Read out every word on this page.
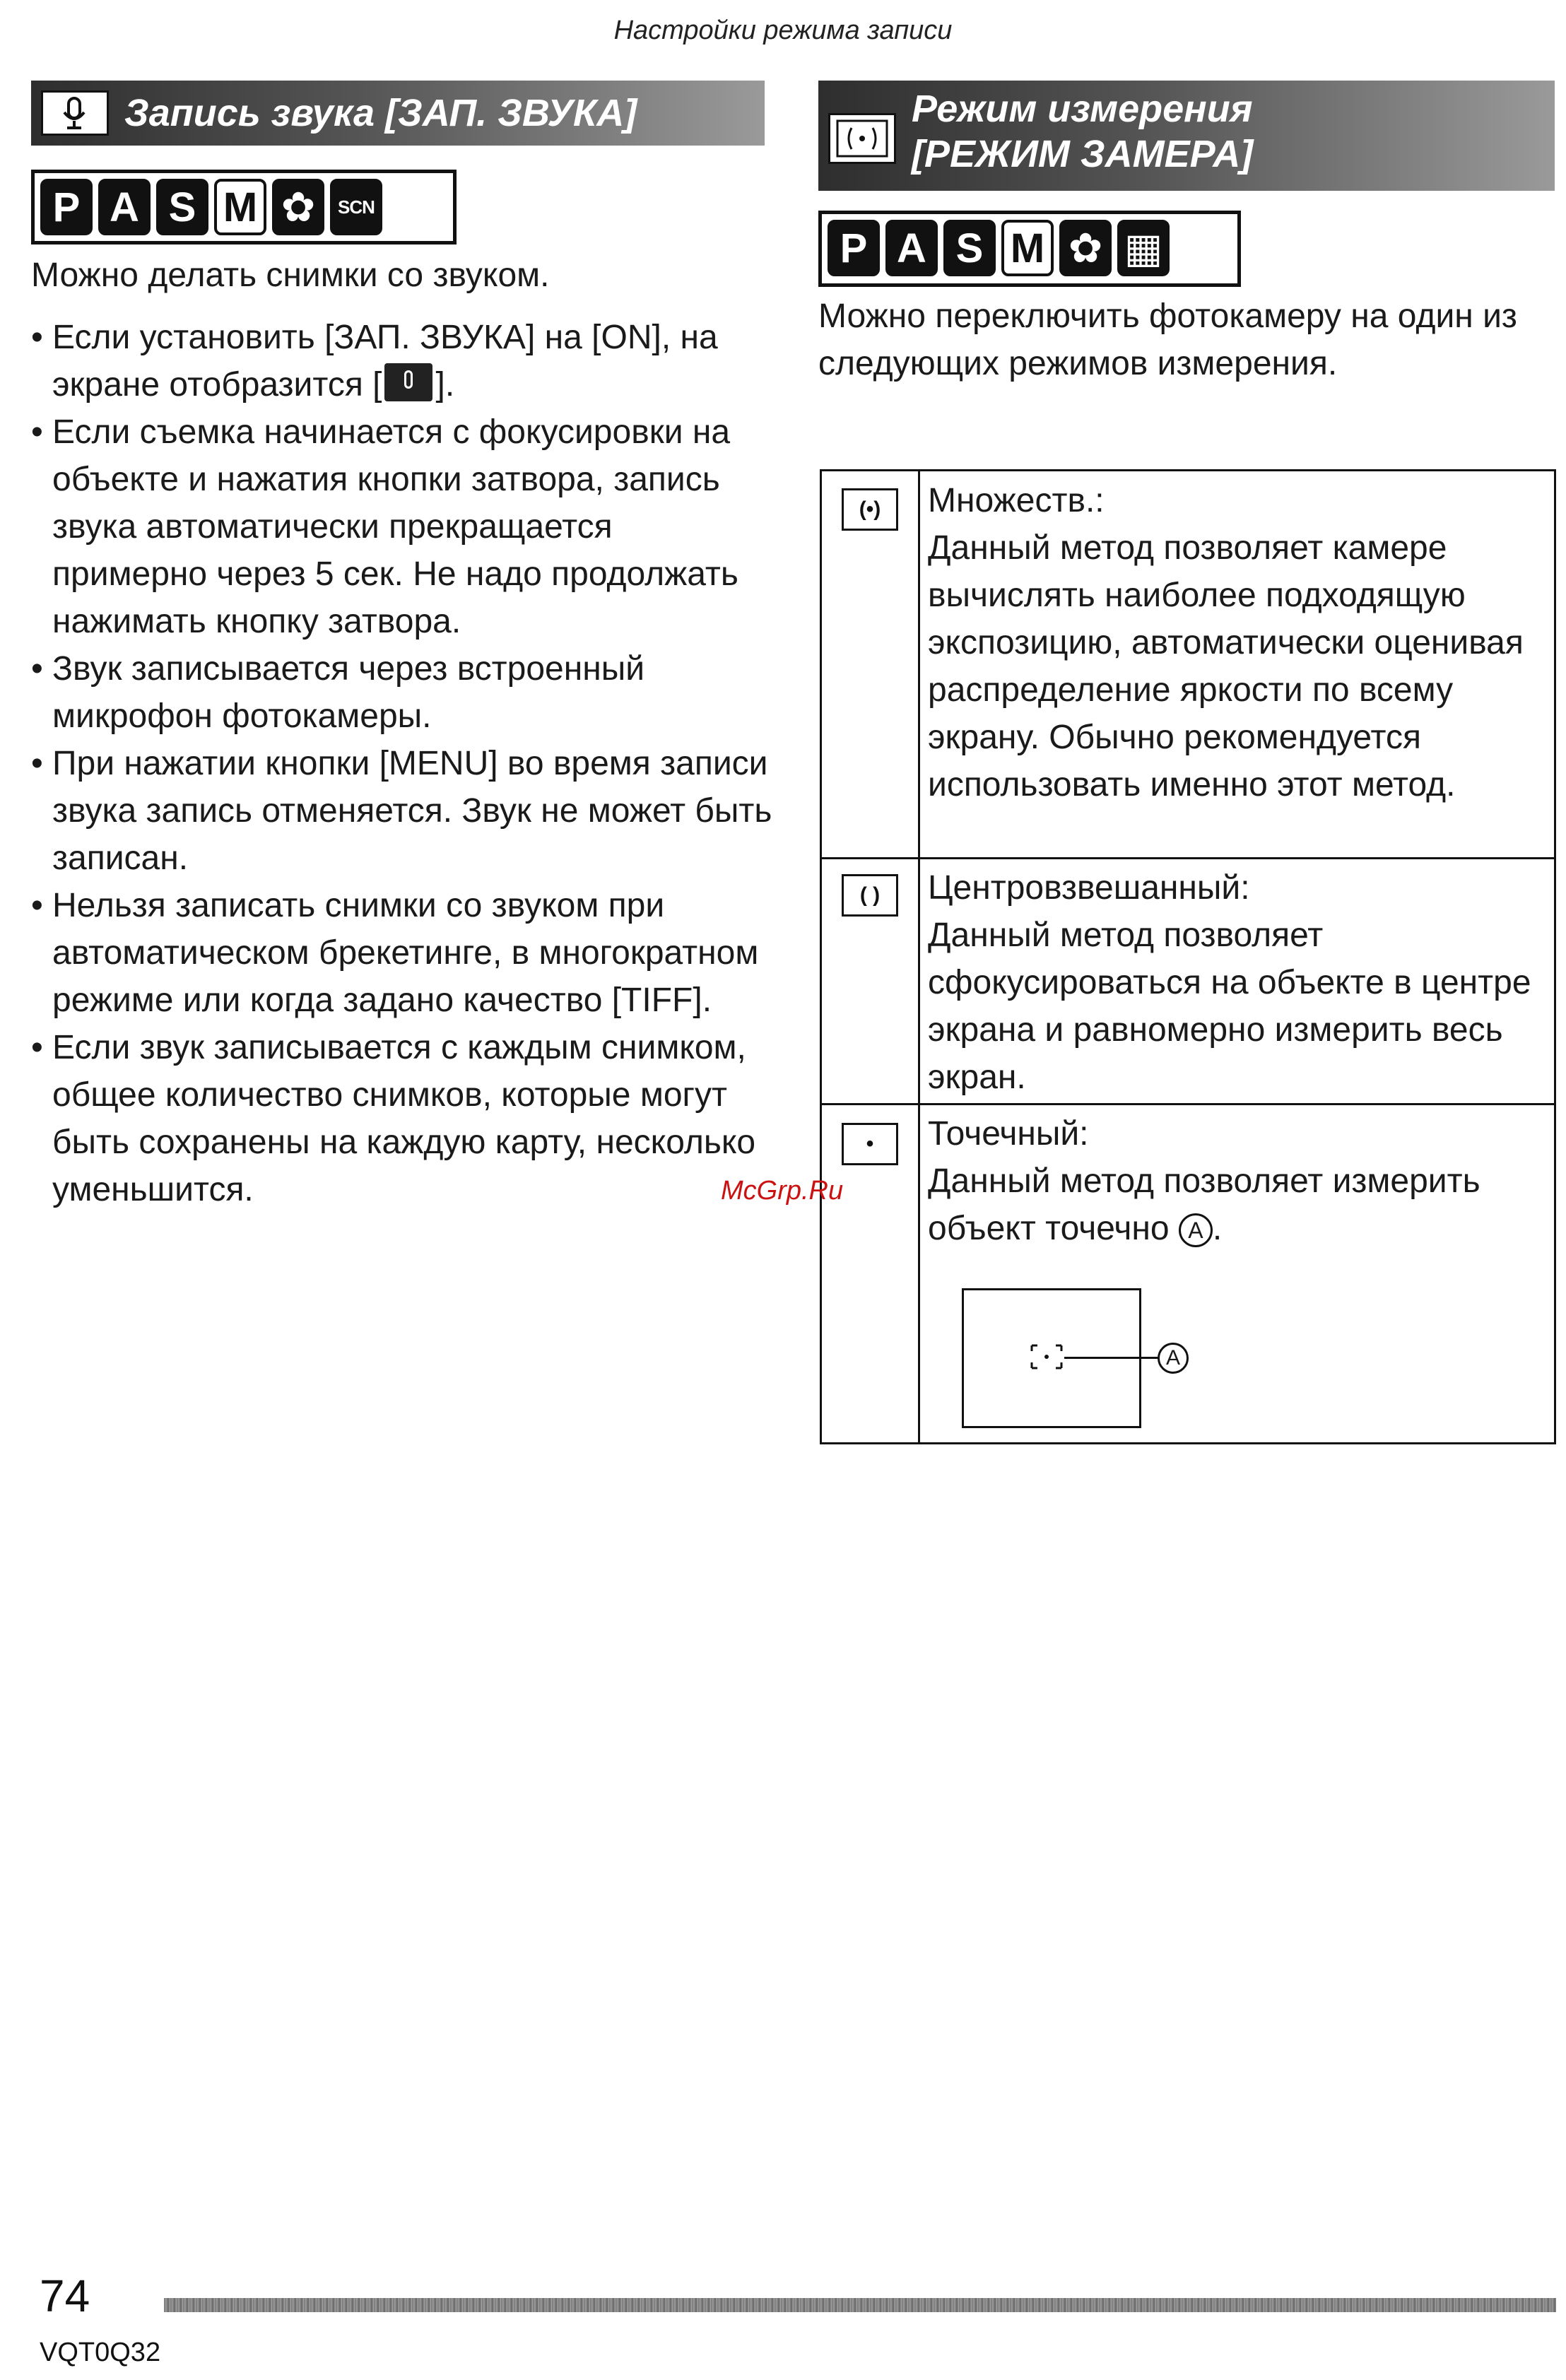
Настройки режима записи
Запись звука [ЗАП. ЗВУКА]
P A S M ✿	SCN
Можно делать снимки со звуком.
• Если установить [ЗАП. ЗВУКА] на [ON], на экране отобразится [ ].
• Если съемка начинается с фокусировки на объекте и нажатия кнопки затвора, запись звука автоматически прекращается примерно через 5 сек. Не надо продолжать нажимать кнопку затвора.
• Звук записывается через встроенный микрофон фотокамеры.
• При нажатии кнопки [MENU] во время записи звука запись отменяется. Звук не может быть записан.
• Нельзя записать снимки со звуком при автоматическом брекетинге, в многократном режиме или когда задано качество [TIFF].
• Если звук записывается с каждым снимком, общее количество снимков, которые могут быть сохранены на каждую карту, несколько уменьшится.
Режим измерения
[РЕЖИМ ЗАМЕРА]
P A S M ✿ ▦
Можно переключить фотокамеру на один из следующих режимов измерения.
(•)	Множеств.:
Данный метод позволяет камере вычислять наиболее подходящую экспозицию, автоматически оценивая распределение яркости по всему экрану. Обычно рекомендуется использовать именно этот метод.
( )	Центровзвешанный:
Данный метод позволяет сфокусироваться на объекте в центре экрана и равномерно измерить весь экран.
•	Точечный:
Данный метод позволяет измерить объект точечно A .
A
McGrp.Ru
74
VQT0Q32
